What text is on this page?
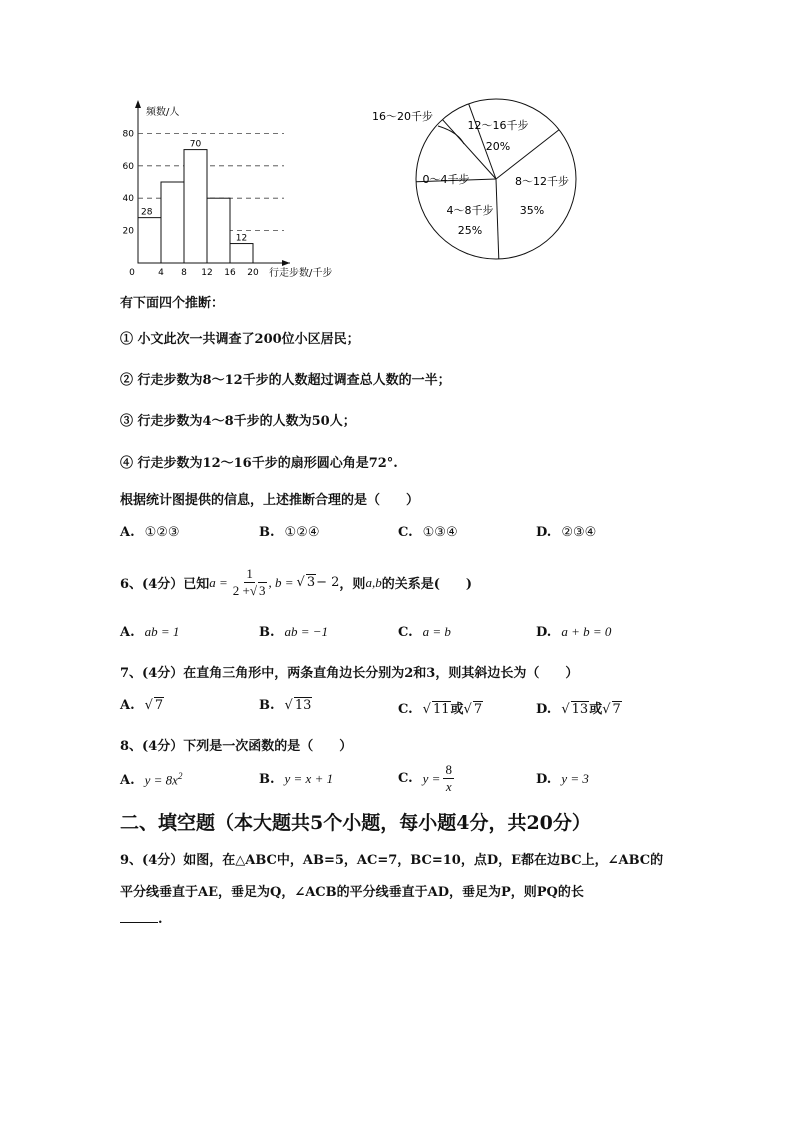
20
40
60
80
28
70
12
0	4 8 12 16 20
频数/人
行走步数/千步
12～16千步
20%
8～12千步
35%
4～8千步
25%
0～4千步
16～20千步
有下面四个推断：
① 小文此次一共调查了200位小区居民；
② 行走步数为8～12千步的人数超过调查总人数的一半；
③ 行走步数为4～8千步的人数为50人；
④ 行走步数为12～16千步的扇形圆心角是72°.
根据统计图提供的信息，上述推断合理的是（　　）
A. ①②③	B. ①②④	C. ①③④	D. ②③④
6、(4分）已知 $a = \frac{1}{2 +√ 3}$ , b = √ 3 − 2 ，则 a,b 的关系是(　　)
A. ab = 1	B. ab = −1	C. a = b	D. a + b = 0
7、(4分）在直角三角形中，两条直角边长分别为2和3，则其斜边长为（　　）
A. √ 7	B. √ 13	C. √ 11或√ 7	D. √ 13或√ 7
8、(4分）下列是一次函数的是（　　）
A. $y = 8x^2$	B. y = x + 1	C. $y = \frac{8}{x}$	D. y = 3
二、填空题（本大题共5个小题，每小题4分，共20分）
9、(4分）如图，在△ABC中，AB=5，AC=7，BC=10，点D，E都在边BC上，∠ABC的
平分线垂直于AE，垂足为Q，∠ACB的平分线垂直于AD，垂足为P，则PQ的长
.
